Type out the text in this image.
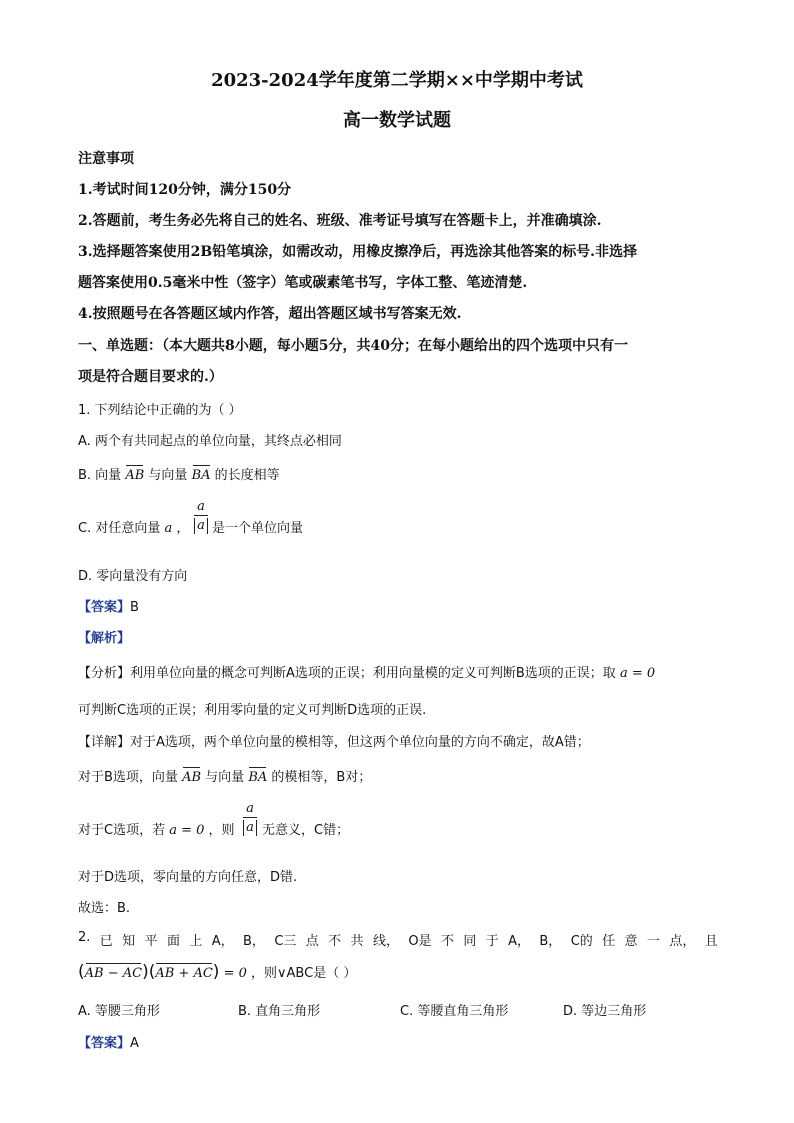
2023-2024学年度第二学期××中学期中考试
高一数学试题
注意事项
1.考试时间120分钟，满分150分
2.答题前，考生务必先将自己的姓名、班级、准考证号填写在答题卡上，并准确填涂.
3.选择题答案使用2B铅笔填涂，如需改动，用橡皮擦净后，再选涂其他答案的标号.非选择
题答案使用0.5毫米中性（签字）笔或碳素笔书写，字体工整、笔迹清楚.
4.按照题号在各答题区域内作答，超出答题区域书写答案无效.
一、单选题：（本大题共8小题，每小题5分，共40分；在每小题给出的四个选项中只有一
项是符合题目要求的.）
1. 下列结论中正确的为（ ）
A. 两个有共同起点的单位向量，其终点必相同
B. 向量 AB 与向量 BA 的长度相等
C. 对任意向量 a ，
a
a 是一个单位向量
D. 零向量没有方向
【答案】B
【解析】
【分析】利用单位向量的概念可判断A选项的正误；利用向量模的定义可判断B选项的正误；取 a = 0
可判断C选项的正误；利用零向量的定义可判断D选项的正误.
【详解】对于A选项，两个单位向量的模相等，但这两个单位向量的方向不确定，故A错；
对于B选项，向量 AB 与向量 BA 的模相等，B对；
对于C选项，若 a = 0 ，则
a
a 无意义，C错；
对于D选项，零向量的方向任意，D错.
故选：B.
2. 已 知 平 面 上 A， B， C三 点 不 共 线， O是 不 同 于 A， B， C的 任 意 一 点， 且
(AB − AC)(AB + AC) = 0 ，则∨ABC是（ ）
A. 等腰三角形	B. 直角三角形	C. 等腰直角三角形	D. 等边三角形
【答案】A
